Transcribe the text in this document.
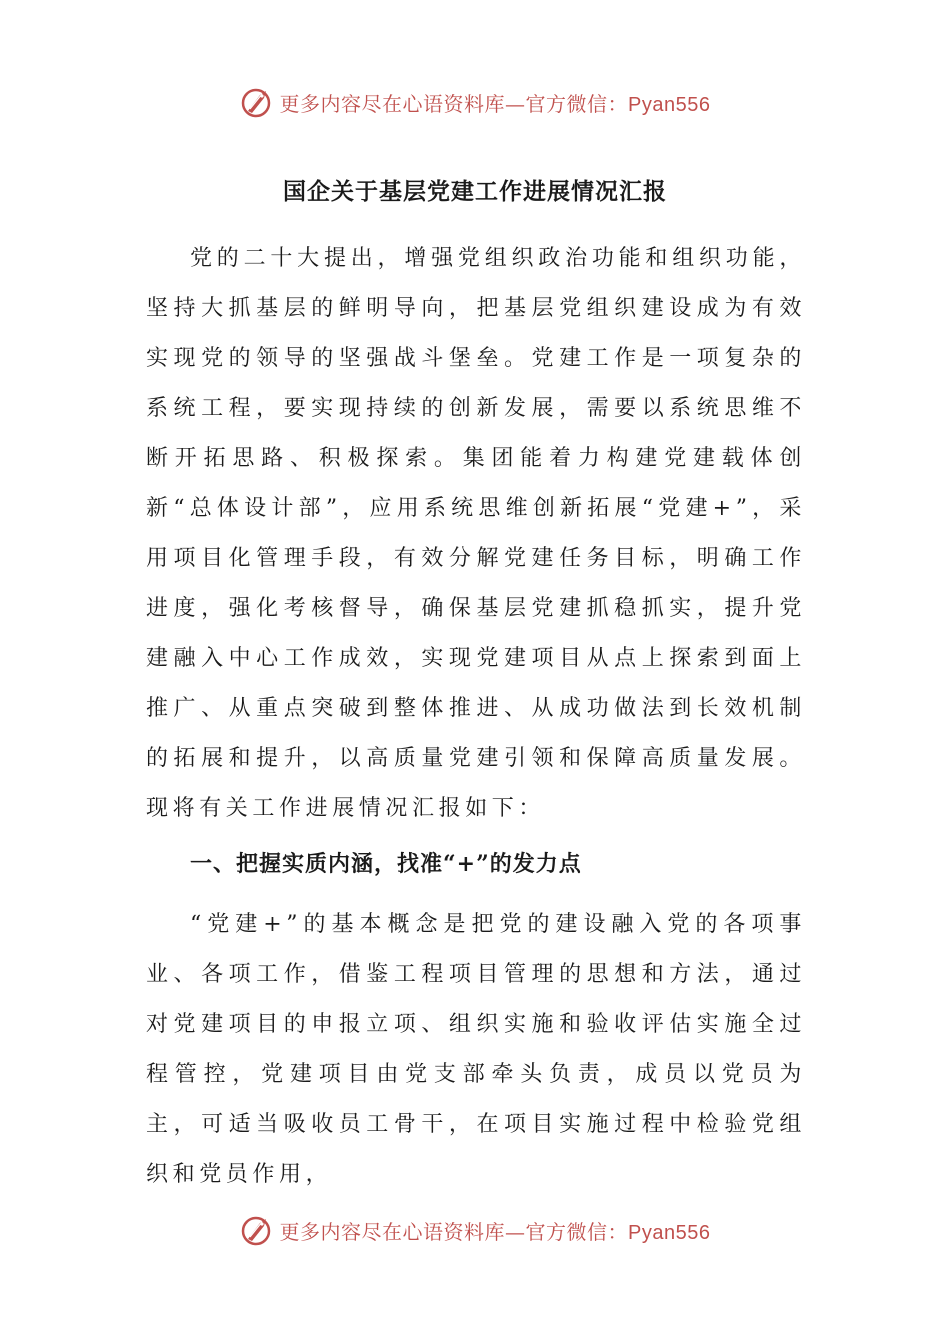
更多内容尽在心语资料库—官方微信：Pyan556
国企关于基层党建工作进展情况汇报

党的二十大提出，增强党组织政治功能和组织功能，坚持大抓基层的鲜明导向，把基层党组织建设成为有效实现党的领导的坚强战斗堡垒。党建工作是一项复杂的系统工程，要实现持续的创新发展，需要以系统思维不断开拓思路、积极探索。集团能着力构建党建载体创新“总体设计部”，应用系统思维创新拓展“党建+”，采用项目化管理手段，有效分解党建任务目标，明确工作进度，强化考核督导，确保基层党建抓稳抓实，提升党建融入中心工作成效，实现党建项目从点上探索到面上推广、从重点突破到整体推进、从成功做法到长效机制的拓展和提升，以高质量党建引领和保障高质量发展。现将有关工作进展情况汇报如下：

一、把握实质内涵，找准“+”的发力点

“党建+”的基本概念是把党的建设融入党的各项事业、各项工作，借鉴工程项目管理的思想和方法，通过对党建项目的申报立项、组织实施和验收评估实施全过程管控，党建项目由党支部牵头负责，成员以党员为主，可适当吸收员工骨干，在项目实施过程中检验党组织和党员作用，

更多内容尽在心语资料库—官方微信：Pyan556
